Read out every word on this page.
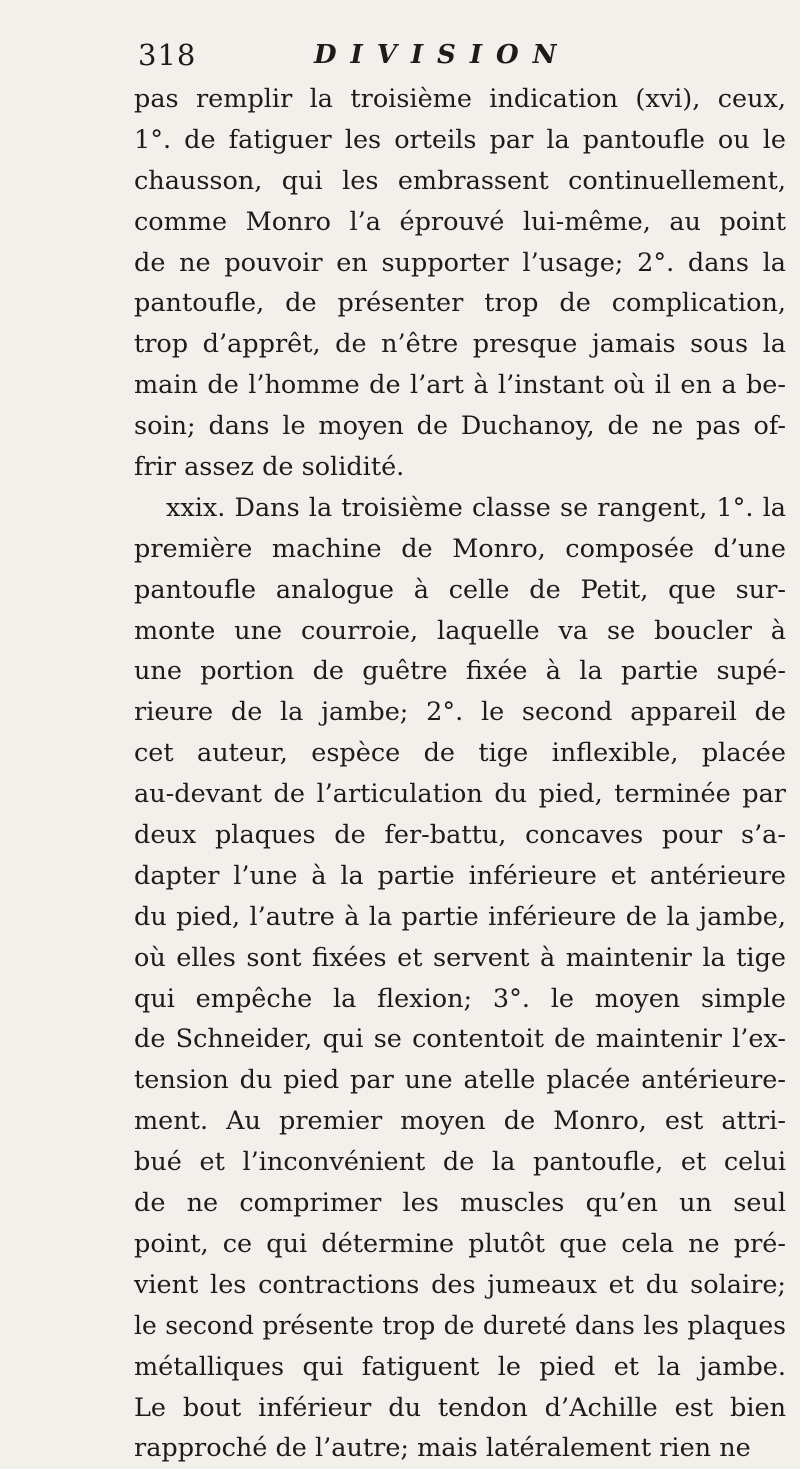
318	DIVISION
pas remplir la troisième indication (xvi), ceux,
1°. de fatiguer les orteils par la pantoufle ou le
chausson, qui les embrassent continuellement,
comme Monro l’a éprouvé lui-même, au point
de ne pouvoir en supporter l’usage; 2°. dans la
pantoufle, de présenter trop de complication,
trop d’apprêt, de n’être presque jamais sous la
main de l’homme de l’art à l’instant où il en a be-
soin; dans le moyen de Duchanoy, de ne pas of-
frir assez de solidité.
xxix. Dans la troisième classe se rangent, 1°. la
première machine de Monro, composée d’une
pantoufle analogue à celle de Petit, que sur-
monte une courroie, laquelle va se boucler à
une portion de guêtre fixée à la partie supé-
rieure de la jambe; 2°. le second appareil de
cet auteur, espèce de tige inflexible, placée
au-devant de l’articulation du pied, terminée par
deux plaques de fer-battu, concaves pour s’a-
dapter l’une à la partie inférieure et antérieure
du pied, l’autre à la partie inférieure de la jambe,
où elles sont fixées et servent à maintenir la tige
qui empêche la flexion; 3°. le moyen simple
de Schneider, qui se contentoit de maintenir l’ex-
tension du pied par une atelle placée antérieure-
ment. Au premier moyen de Monro, est attri-
bué et l’inconvénient de la pantoufle, et celui
de ne comprimer les muscles qu’en un seul
point, ce qui détermine plutôt que cela ne pré-
vient les contractions des jumeaux et du solaire;
le second présente trop de dureté dans les plaques
métalliques qui fatiguent le pied et la jambe.
Le bout inférieur du tendon d’Achille est bien
rapproché de l’autre; mais latéralement rien ne
